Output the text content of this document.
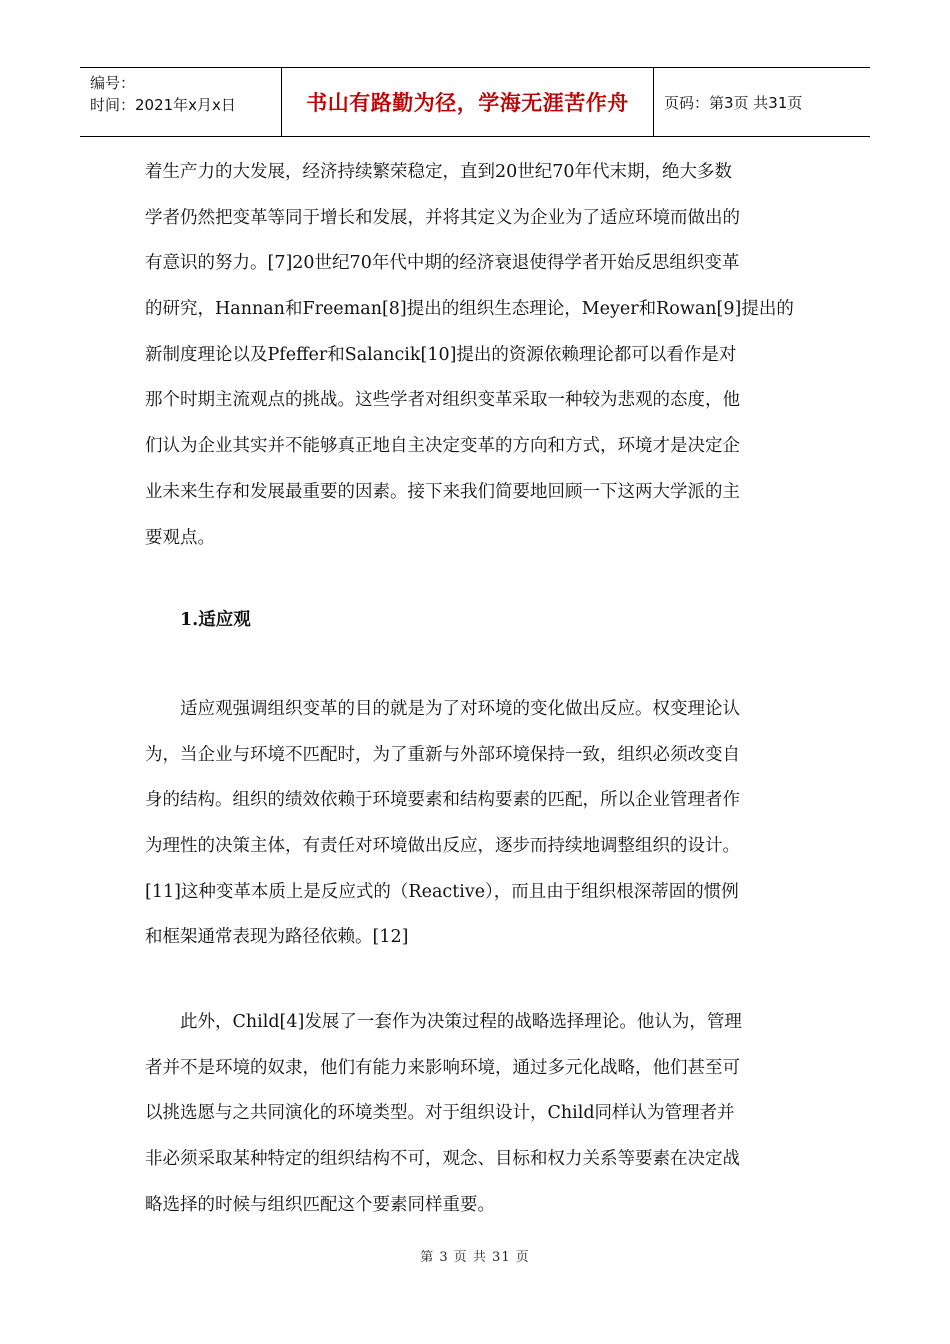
编号：
时间：2021年x月x日	书山有路勤为径，学海无涯苦作舟	页码：第3页 共31页
着生产力的大发展，经济持续繁荣稳定，直到20世纪70年代末期，绝大多数
学者仍然把变革等同于增长和发展，并将其定义为企业为了适应环境而做出的
有意识的努力。[7]20世纪70年代中期的经济衰退使得学者开始反思组织变革
的研究，Hannan和Freeman[8]提出的组织生态理论，Meyer和Rowan[9]提出的
新制度理论以及Pfeffer和Salancik[10]提出的资源依赖理论都可以看作是对
那个时期主流观点的挑战。这些学者对组织变革采取一种较为悲观的态度，他
们认为企业其实并不能够真正地自主决定变革的方向和方式，环境才是决定企
业未来生存和发展最重要的因素。接下来我们简要地回顾一下这两大学派的主
要观点。
1.适应观
　　适应观强调组织变革的目的就是为了对环境的变化做出反应。权变理论认
为，当企业与环境不匹配时，为了重新与外部环境保持一致，组织必须改变自
身的结构。组织的绩效依赖于环境要素和结构要素的匹配，所以企业管理者作
为理性的决策主体，有责任对环境做出反应，逐步而持续地调整组织的设计。
[11]这种变革本质上是反应式的（Reactive），而且由于组织根深蒂固的惯例
和框架通常表现为路径依赖。[12]
　　此外，Child[4]发展了一套作为决策过程的战略选择理论。他认为，管理
者并不是环境的奴隶，他们有能力来影响环境，通过多元化战略，他们甚至可
以挑选愿与之共同演化的环境类型。对于组织设计，Child同样认为管理者并
非必须采取某种特定的组织结构不可，观念、目标和权力关系等要素在决定战
略选择的时候与组织匹配这个要素同样重要。
第 3 页 共 31 页
